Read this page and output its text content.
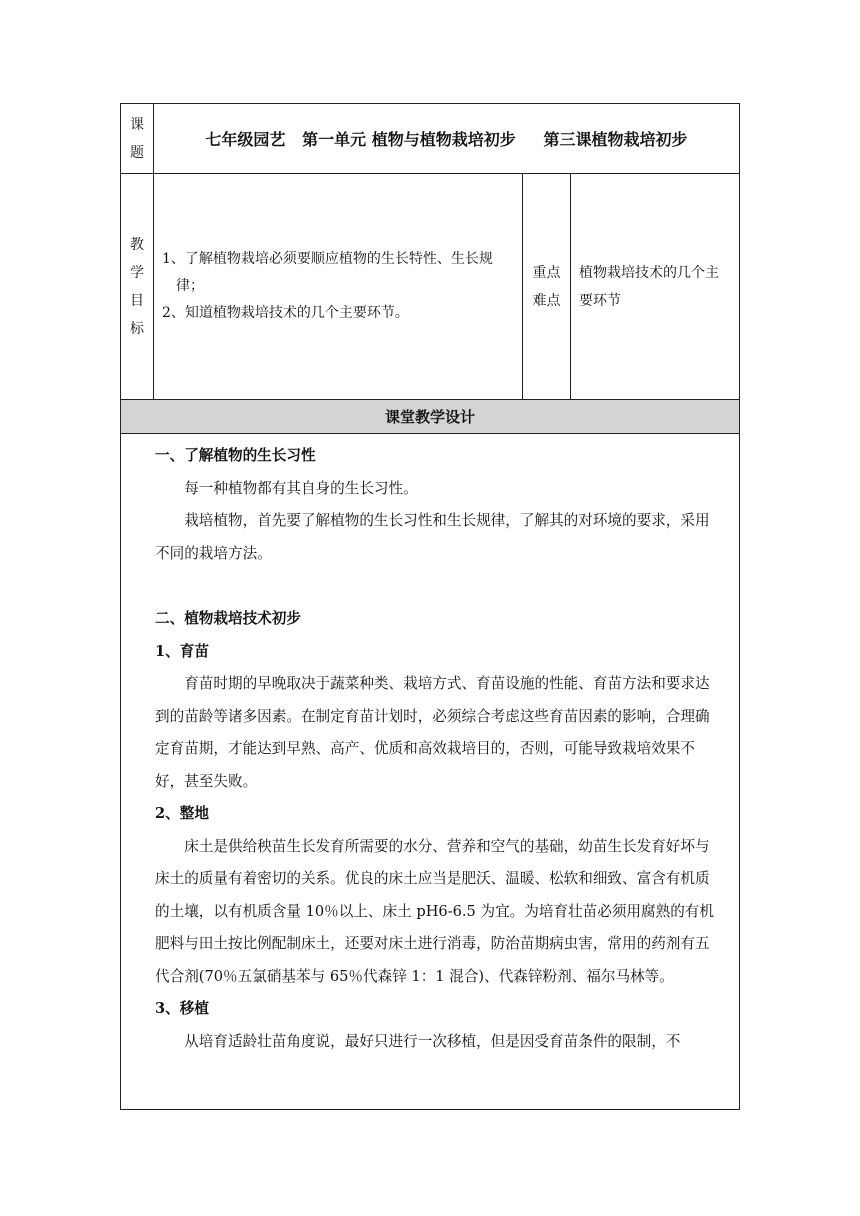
课
题
七年级园艺   第一单元 植物与植物栽培初步     第三课植物栽培初步
教
学
目
标
1、了解植物栽培必须要顺应植物的生长特性、生长规
律；
2、知道植物栽培技术的几个主要环节。
重点
难点
植物栽培技术的几个主
要环节
课堂教学设计

一、了解植物的生长习性

每一种植物都有其自身的生长习性。

栽培植物，首先要了解植物的生长习性和生长规律，了解其的对环境的要求，采用不同的栽培方法。

二、植物栽培技术初步

1、育苗

育苗时期的早晚取决于蔬菜种类、栽培方式、育苗设施的性能、育苗方法和要求达到的苗龄等诸多因素。在制定育苗计划时，必须综合考虑这些育苗因素的影响，合理确定育苗期，才能达到早熟、高产、优质和高效栽培目的，否则，可能导致栽培效果不好，甚至失败。

2、整地

床土是供给秧苗生长发育所需要的水分、营养和空气的基础，幼苗生长发育好坏与床土的质量有着密切的关系。优良的床土应当是肥沃、温暖、松软和细致、富含有机质的土壤，以有机质含量 10％以上、床土 pH6-6.5 为宜。为培育壮苗必须用腐熟的有机肥料与田土按比例配制床土，还要对床土进行消毒，防治苗期病虫害，常用的药剂有五代合剂(70％五氯硝基苯与 65％代森锌 1：1 混合)、代森锌粉剂、福尔马林等。

3、移植

从培育适龄壮苗角度说，最好只进行一次移植，但是因受育苗条件的限制，不
